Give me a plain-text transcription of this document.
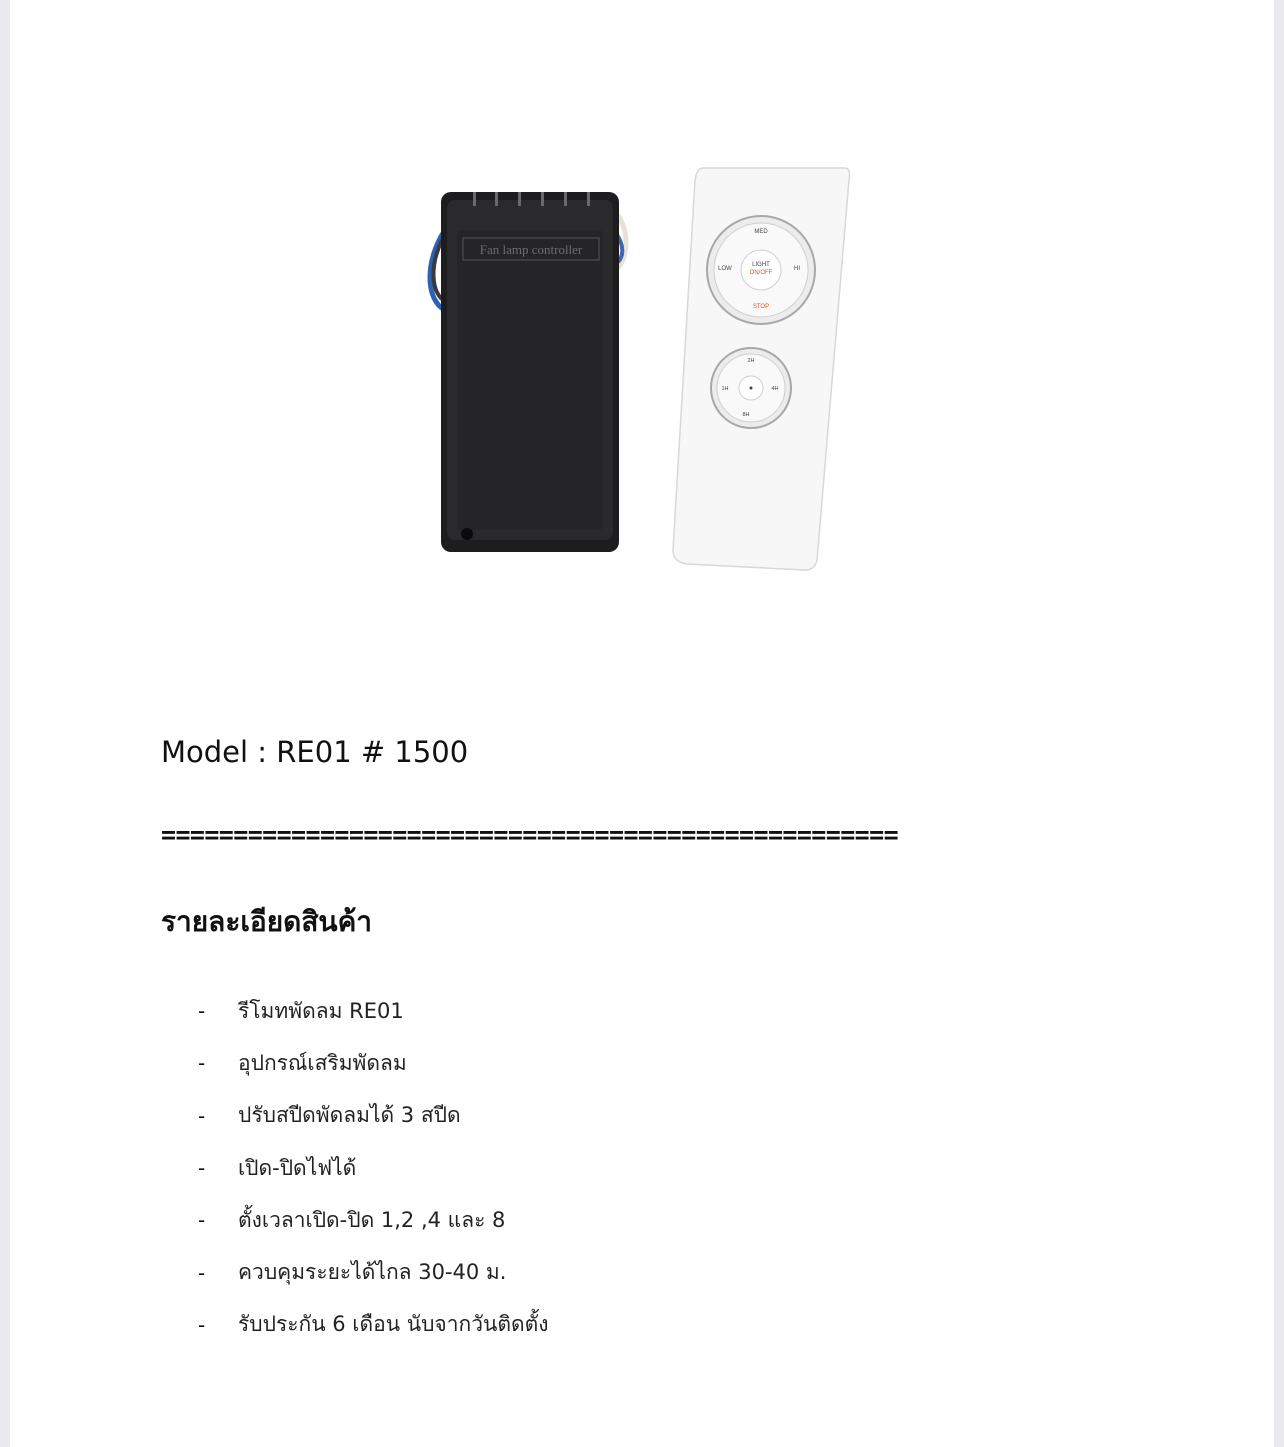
Fan lamp controller
MED
LOW	HI
LIGHT
ON/OFF
STOP
2H
1H	4H
8H
Model : RE01 # 1500
===================================================
รายละเอียดสินค้า
-	รีโมทพัดลม RE01
-	อุปกรณ์เสริมพัดลม
-	ปรับสปีดพัดลมได้ 3 สปีด
-	เปิด-ปิดไฟได้
-	ตั้งเวลาเปิด-ปิด 1,2 ,4 และ 8
-	ควบคุมระยะได้ไกล 30-40 ม.
-	รับประกัน 6 เดือน นับจากวันติดตั้ง
